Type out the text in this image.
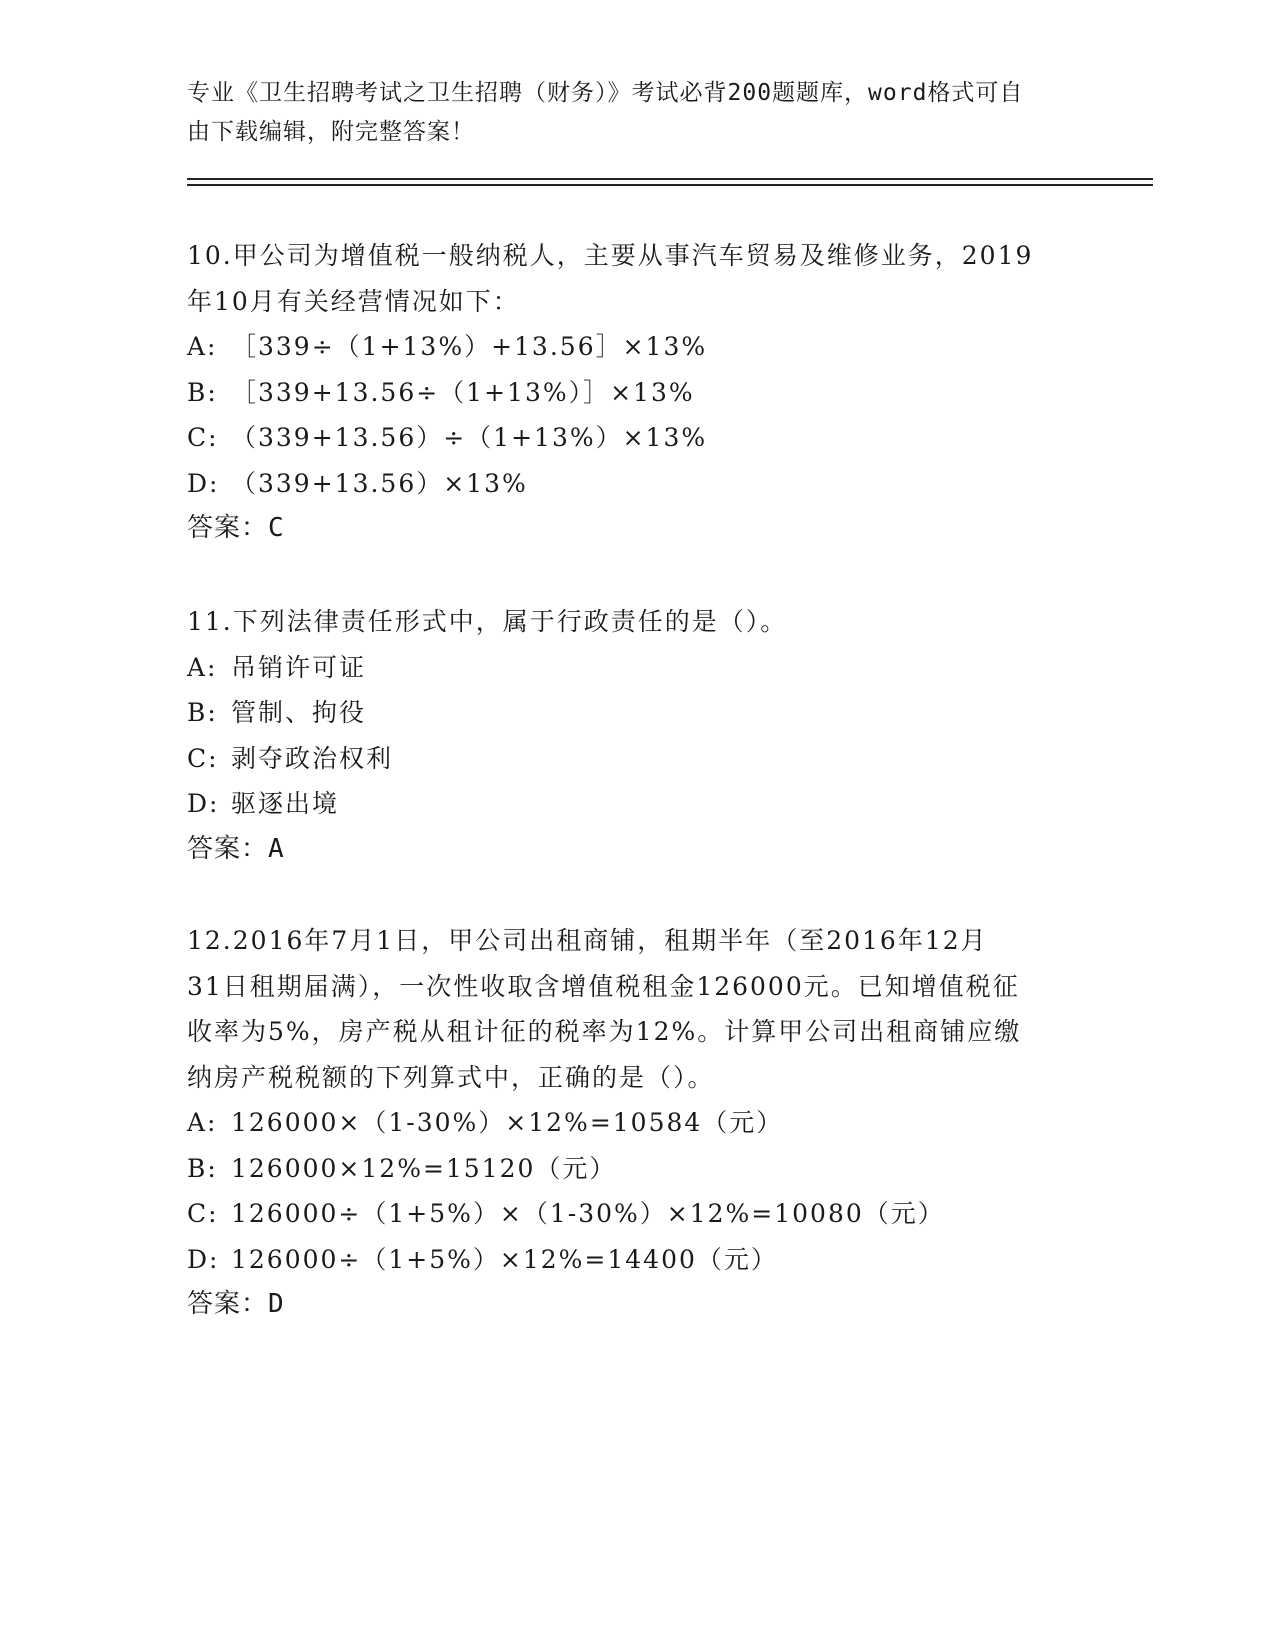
专业《卫生招聘考试之卫生招聘（财务）》考试必背200题题库，word格式可自
由下载编辑，附完整答案！
10.甲公司为增值税一般纳税人，主要从事汽车贸易及维修业务，2019
年10月有关经营情况如下：
A: ［339÷（1+13%）+13.56］×13%
B: ［339+13.56÷（1+13%）］×13%
C: （339+13.56）÷（1+13%）×13%
D: （339+13.56）×13%
答案：C
11.下列法律责任形式中，属于行政责任的是（）。
A: 吊销许可证
B: 管制、拘役
C: 剥夺政治权利
D: 驱逐出境
答案：A
12.2016年7月1日，甲公司出租商铺，租期半年（至2016年12月
31日租期届满），一次性收取含增值税租金126000元。已知增值税征
收率为5%，房产税从租计征的税率为12%。计算甲公司出租商铺应缴
纳房产税税额的下列算式中，正确的是（）。
A: 126000×（1-30%）×12%=10584（元）
B: 126000×12%=15120（元）
C: 126000÷（1+5%）×（1-30%）×12%=10080（元）
D: 126000÷（1+5%）×12%=14400（元）
答案：D
